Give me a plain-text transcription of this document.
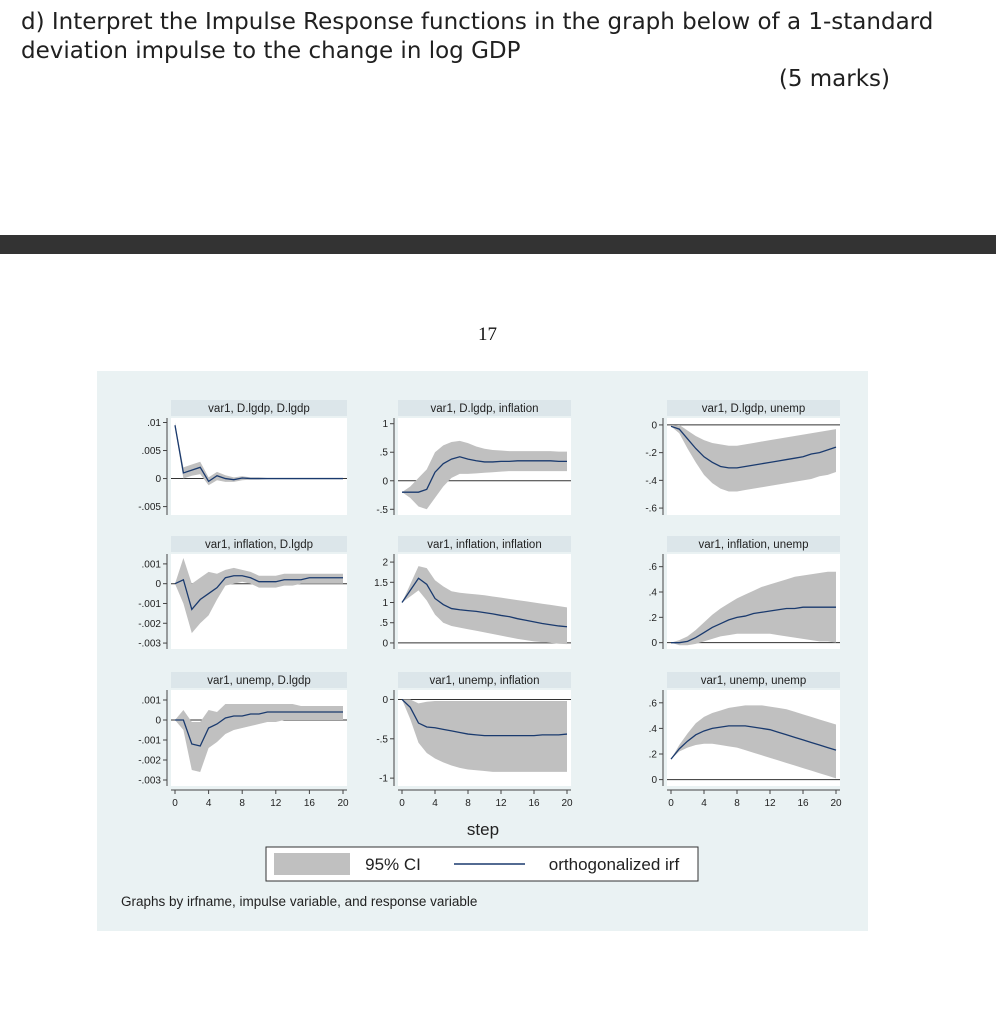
d) Interpret the Impulse Response functions in the graph below of a 1-standard deviation impulse to the change in log GDP
(5 marks)
17
var1, D.lgdp, D.lgdp
.01
.005
0
-.005
var1, D.lgdp, inflation
1
.5
0
-.5
var1, D.lgdp, unemp
0
-.2
-.4
-.6
var1, inflation, D.lgdp
.001
0
-.001
-.002
-.003
var1, inflation, inflation
2
1.5
1
.5
0
var1, inflation, unemp
.6
.4
.2
0
var1, unemp, D.lgdp
.001
0
-.001
-.002
-.003
0	4	8	12 16 20
var1, unemp, inflation
0
-.5
-1
0	4	8 12 16 20
var1, unemp, unemp
.6
.4
.2
0
0	4	8 12 16 20
step
95% CI	orthogonalized irf
Graphs by irfname, impulse variable, and response variable
